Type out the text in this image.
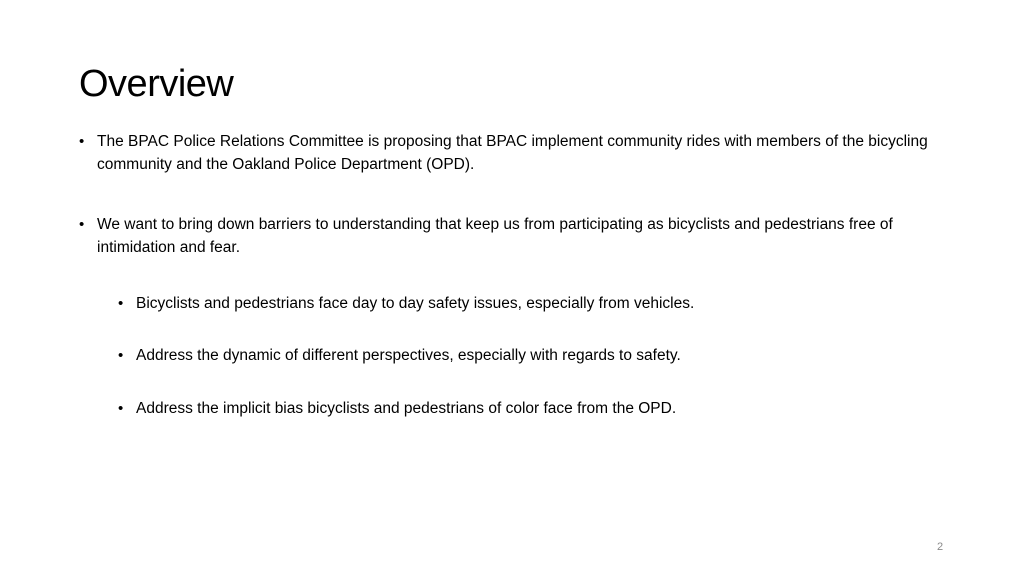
Overview

• The BPAC Police Relations Committee is proposing that BPAC implement community rides with members of the bicycling community and the Oakland Police Department (OPD).

• We want to bring down barriers to understanding that keep us from participating as bicyclists and pedestrians free of intimidation and fear.

• Bicyclists and pedestrians face day to day safety issues, especially from vehicles.

• Address the dynamic of different perspectives, especially with regards to safety.

• Address the implicit bias bicyclists and pedestrians of color face from the OPD.

2
